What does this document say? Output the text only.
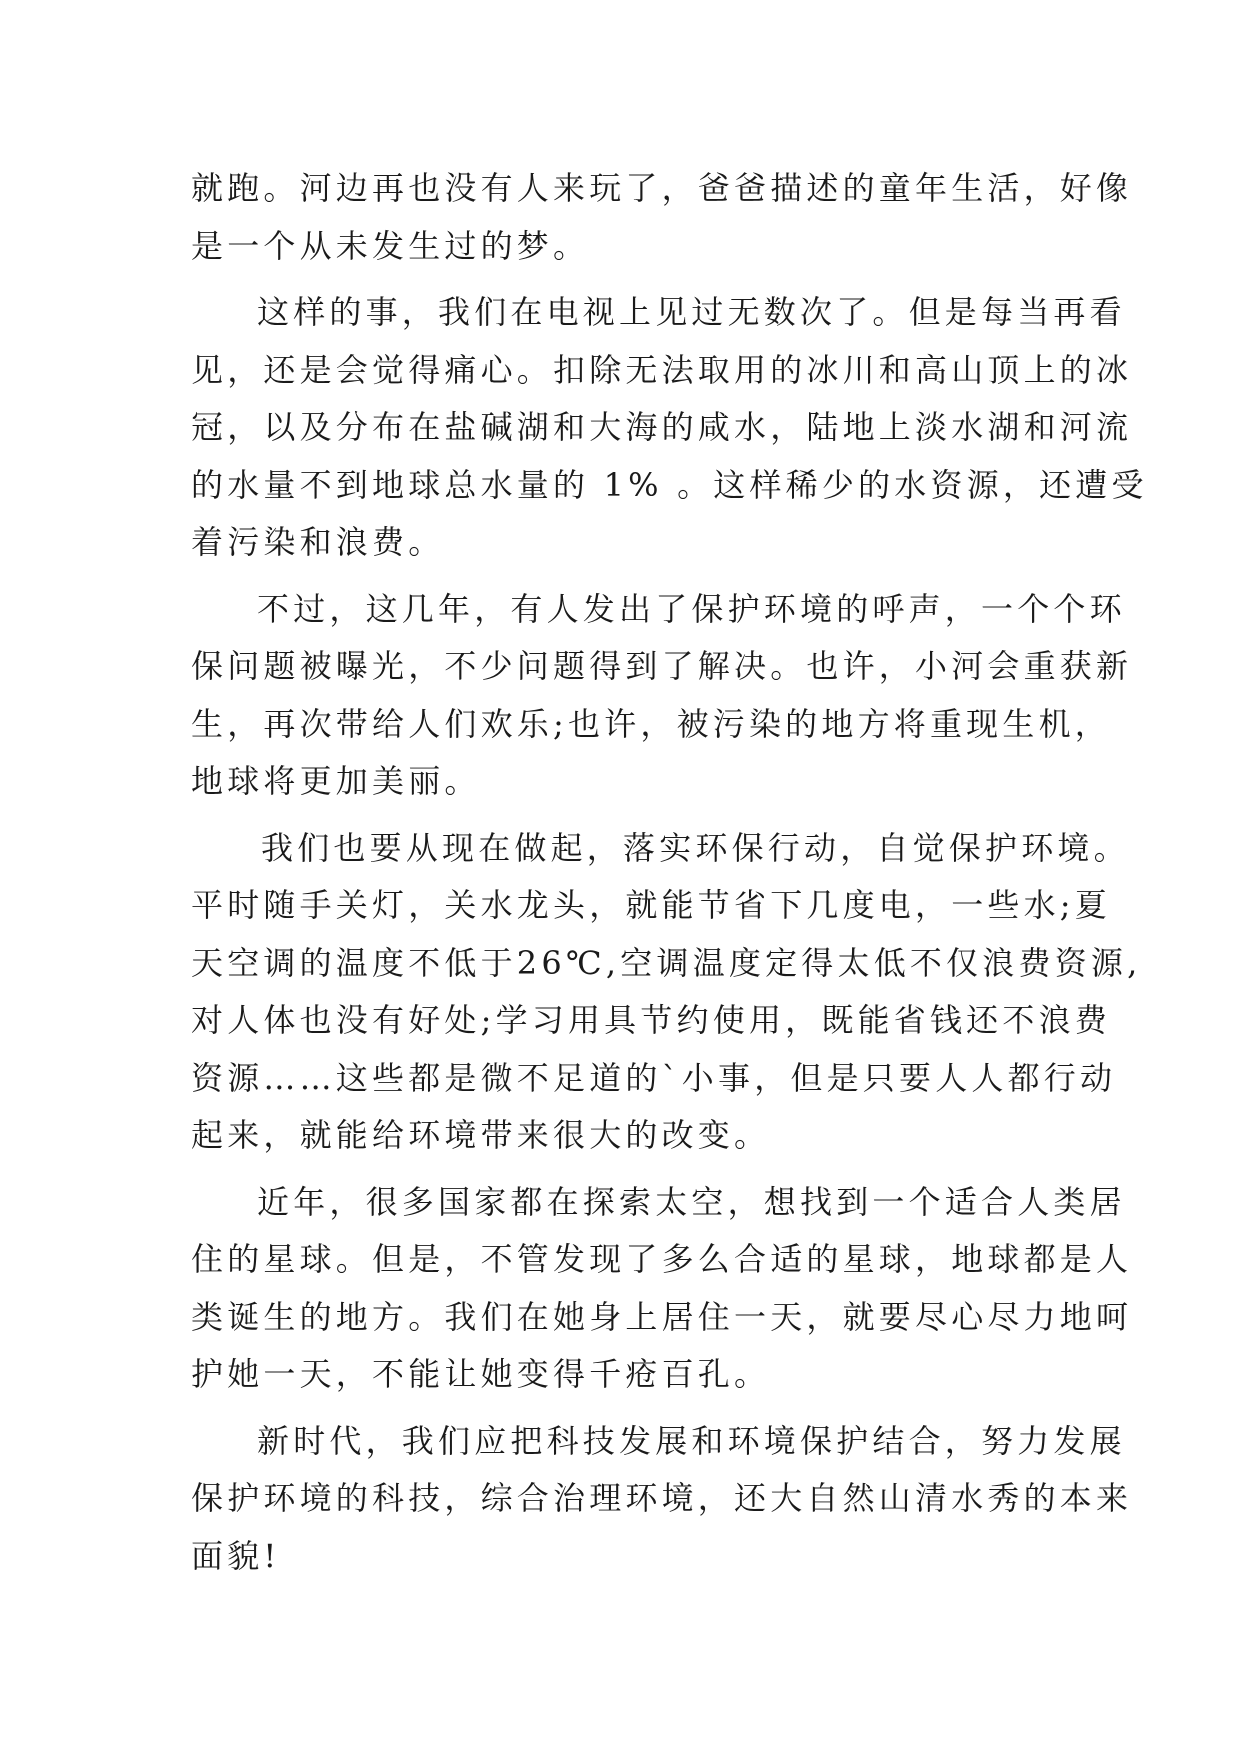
就跑。河边再也没有人来玩了，爸爸描述的童年生活，好像
是一个从未发生过的梦。
这样的事，我们在电视上见过无数次了。但是每当再看
见，还是会觉得痛心。扣除无法取用的冰川和高山顶上的冰
冠，以及分布在盐碱湖和大海的咸水，陆地上淡水湖和河流
的水量不到地球总水量的 1% 。这样稀少的水资源，还遭受
着污染和浪费。
不过，这几年，有人发出了保护环境的呼声，一个个环
保问题被曝光，不少问题得到了解决。也许，小河会重获新
生，再次带给人们欢乐;也许，被污染的地方将重现生机，
地球将更加美丽。
我们也要从现在做起，落实环保行动，自觉保护环境。
平时随手关灯，关水龙头，就能节省下几度电，一些水;夏
天空调的温度不低于26℃,空调温度定得太低不仅浪费资源,
对人体也没有好处;学习用具节约使用，既能省钱还不浪费
资源……这些都是微不足道的`小事，但是只要人人都行动
起来，就能给环境带来很大的改变。
近年，很多国家都在探索太空，想找到一个适合人类居
住的星球。但是，不管发现了多么合适的星球，地球都是人
类诞生的地方。我们在她身上居住一天，就要尽心尽力地呵
护她一天，不能让她变得千疮百孔。
新时代，我们应把科技发展和环境保护结合，努力发展
保护环境的科技，综合治理环境，还大自然山清水秀的本来
面貌!
